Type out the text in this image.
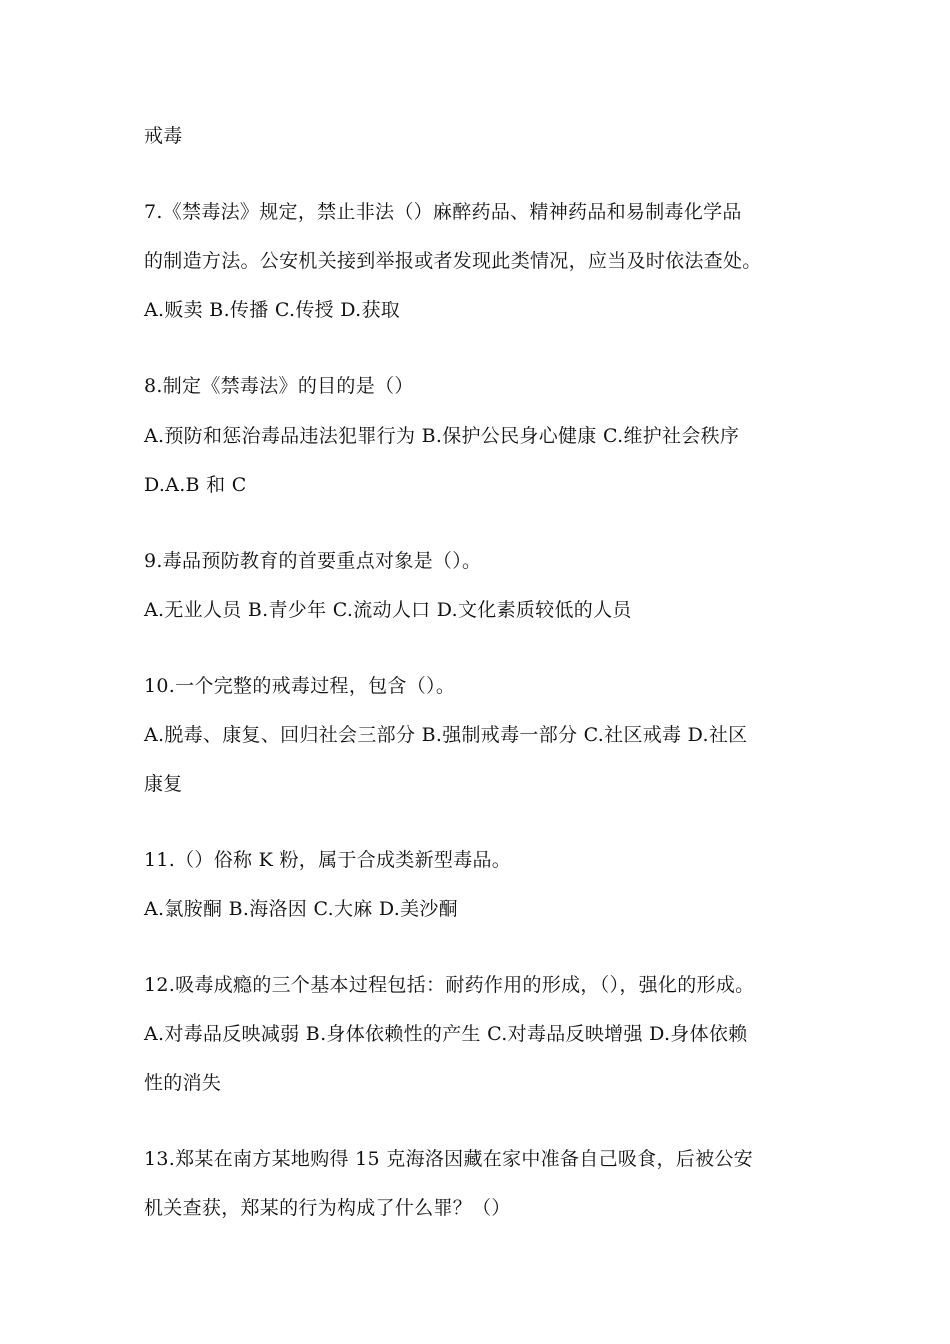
戒毒
7.《禁毒法》规定，禁止非法（）麻醉药品、精神药品和易制毒化学品
的制造方法。公安机关接到举报或者发现此类情况，应当及时依法查处。
A.贩卖 B.传播 C.传授 D.获取
8.制定《禁毒法》的目的是（）
A.预防和惩治毒品违法犯罪行为 B.保护公民身心健康 C.维护社会秩序
D.A.B 和 C
9.毒品预防教育的首要重点对象是（）。
A.无业人员 B.青少年 C.流动人口 D.文化素质较低的人员
10.一个完整的戒毒过程，包含（）。
A.脱毒、康复、回归社会三部分 B.强制戒毒一部分 C.社区戒毒 D.社区
康复
11.（）俗称 K 粉，属于合成类新型毒品。
A.氯胺酮 B.海洛因 C.大麻 D.美沙酮
12.吸毒成瘾的三个基本过程包括：耐药作用的形成，（），强化的形成。
A.对毒品反映减弱 B.身体依赖性的产生 C.对毒品反映增强 D.身体依赖
性的消失
13.郑某在南方某地购得 15 克海洛因藏在家中准备自己吸食，后被公安
机关查获，郑某的行为构成了什么罪？（）
